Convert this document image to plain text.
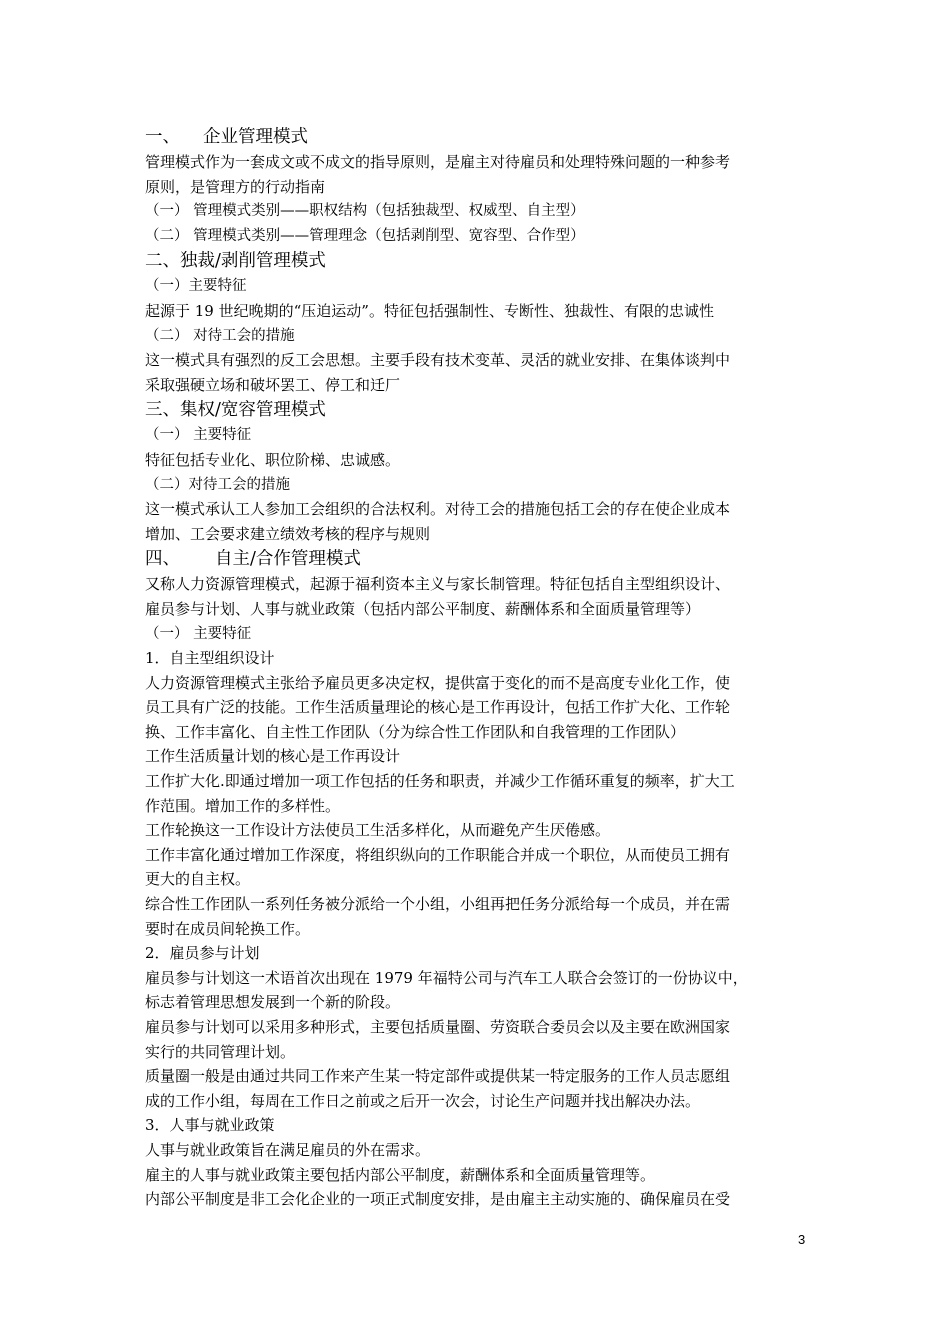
一、 企业管理模式
管理模式作为一套成文或不成文的指导原则，是雇主对待雇员和处理特殊问题的一种参考
原则，是管理方的行动指南
（一） 管理模式类别——职权结构（包括独裁型、权威型、自主型）
（二） 管理模式类别——管理理念（包括剥削型、宽容型、合作型）
二、独裁/剥削管理模式
（一）主要特征
起源于 19 世纪晚期的“压迫运动”。特征包括强制性、专断性、独裁性、有限的忠诚性
（二） 对待工会的措施
这一模式具有强烈的反工会思想。主要手段有技术变革、灵活的就业安排、在集体谈判中
采取强硬立场和破坏罢工、停工和迁厂
三、集权/宽容管理模式
（一） 主要特征
特征包括专业化、职位阶梯、忠诚感。
（二）对待工会的措施
这一模式承认工人参加工会组织的合法权利。对待工会的措施包括工会的存在使企业成本
增加、工会要求建立绩效考核的程序与规则
四、 自主/合作管理模式
又称人力资源管理模式，起源于福利资本主义与家长制管理。特征包括自主型组织设计、
雇员参与计划、人事与就业政策（包括内部公平制度、薪酬体系和全面质量管理等）
（一） 主要特征
1．自主型组织设计
人力资源管理模式主张给予雇员更多决定权，提供富于变化的而不是高度专业化工作，使
员工具有广泛的技能。工作生活质量理论的核心是工作再设计，包括工作扩大化、工作轮
换、工作丰富化、自主性工作团队（分为综合性工作团队和自我管理的工作团队）
工作生活质量计划的核心是工作再设计
工作扩大化.即通过增加一项工作包括的任务和职责，并减少工作循环重复的频率，扩大工
作范围。增加工作的多样性。
工作轮换这一工作设计方法使员工生活多样化，从而避免产生厌倦感。
工作丰富化通过增加工作深度，将组织纵向的工作职能合并成一个职位，从而使员工拥有
更大的自主权。
综合性工作团队一系列任务被分派给一个小组，小组再把任务分派给每一个成员，并在需
要时在成员间轮换工作。
2．雇员参与计划
雇员参与计划这一术语首次出现在 1979 年福特公司与汽车工人联合会签订的一份协议中，
标志着管理思想发展到一个新的阶段。
雇员参与计划可以采用多种形式，主要包括质量圈、劳资联合委员会以及主要在欧洲国家
实行的共同管理计划。
质量圈一般是由通过共同工作来产生某一特定部件或提供某一特定服务的工作人员志愿组
成的工作小组，每周在工作日之前或之后开一次会，讨论生产问题并找出解决办法。
3．人事与就业政策
人事与就业政策旨在满足雇员的外在需求。
雇主的人事与就业政策主要包括内部公平制度，薪酬体系和全面质量管理等。
内部公平制度是非工会化企业的一项正式制度安排，是由雇主主动实施的、确保雇员在受
3
